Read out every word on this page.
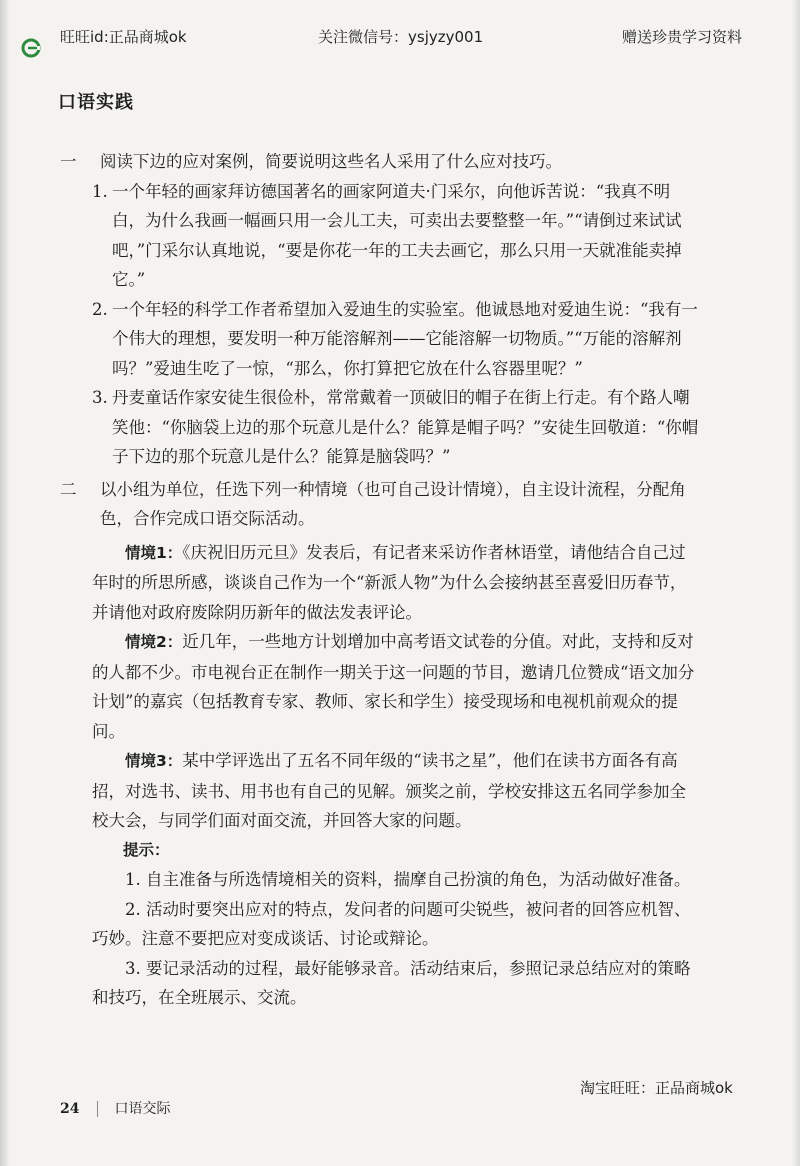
旺旺id:正品商城ok	关注微信号：ysjyzy001	赠送珍贵学习资料
口语实践
一 阅读下边的应对案例，简要说明这些名人采用了什么应对技巧。
1. 一个年轻的画家拜访德国著名的画家阿道夫·门采尔，向他诉苦说：“我真不明白，为什么我画一幅画只用一会儿工夫，可卖出去要整整一年。”“请倒过来试试吧，”门采尔认真地说，“要是你花一年的工夫去画它，那么只用一天就准能卖掉它。”
2. 一个年轻的科学工作者希望加入爱迪生的实验室。他诚恳地对爱迪生说：“我有一个伟大的理想，要发明一种万能溶解剂——它能溶解一切物质。”“万能的溶解剂吗？”爱迪生吃了一惊，“那么，你打算把它放在什么容器里呢？”
3. 丹麦童话作家安徒生很俭朴，常常戴着一顶破旧的帽子在街上行走。有个路人嘲笑他：“你脑袋上边的那个玩意儿是什么？能算是帽子吗？”安徒生回敬道：“你帽子下边的那个玩意儿是什么？能算是脑袋吗？”
二 以小组为单位，任选下列一种情境（也可自己设计情境），自主设计流程，分配角色，合作完成口语交际活动。

情境1：《庆祝旧历元旦》发表后，有记者来采访作者林语堂，请他结合自己过年时的所思所感，谈谈自己作为一个“新派人物”为什么会接纳甚至喜爱旧历春节，并请他对政府废除阴历新年的做法发表评论。

情境2：近几年，一些地方计划增加中高考语文试卷的分值。对此，支持和反对的人都不少。市电视台正在制作一期关于这一问题的节目，邀请几位赞成“语文加分计划”的嘉宾（包括教育专家、教师、家长和学生）接受现场和电视机前观众的提问。

情境3：某中学评选出了五名不同年级的“读书之星”，他们在读书方面各有高招，对选书、读书、用书也有自己的见解。颁奖之前，学校安排这五名同学参加全校大会，与同学们面对面交流，并回答大家的问题。

提示：

1. 自主准备与所选情境相关的资料，揣摩自己扮演的角色，为活动做好准备。

2. 活动时要突出应对的特点，发问者的问题可尖锐些，被问者的回答应机智、巧妙。注意不要把应对变成谈话、讨论或辩论。

3. 要记录活动的过程，最好能够录音。活动结束后，参照记录总结应对的策略和技巧，在全班展示、交流。

淘宝旺旺：正品商城ok
24	口语交际
